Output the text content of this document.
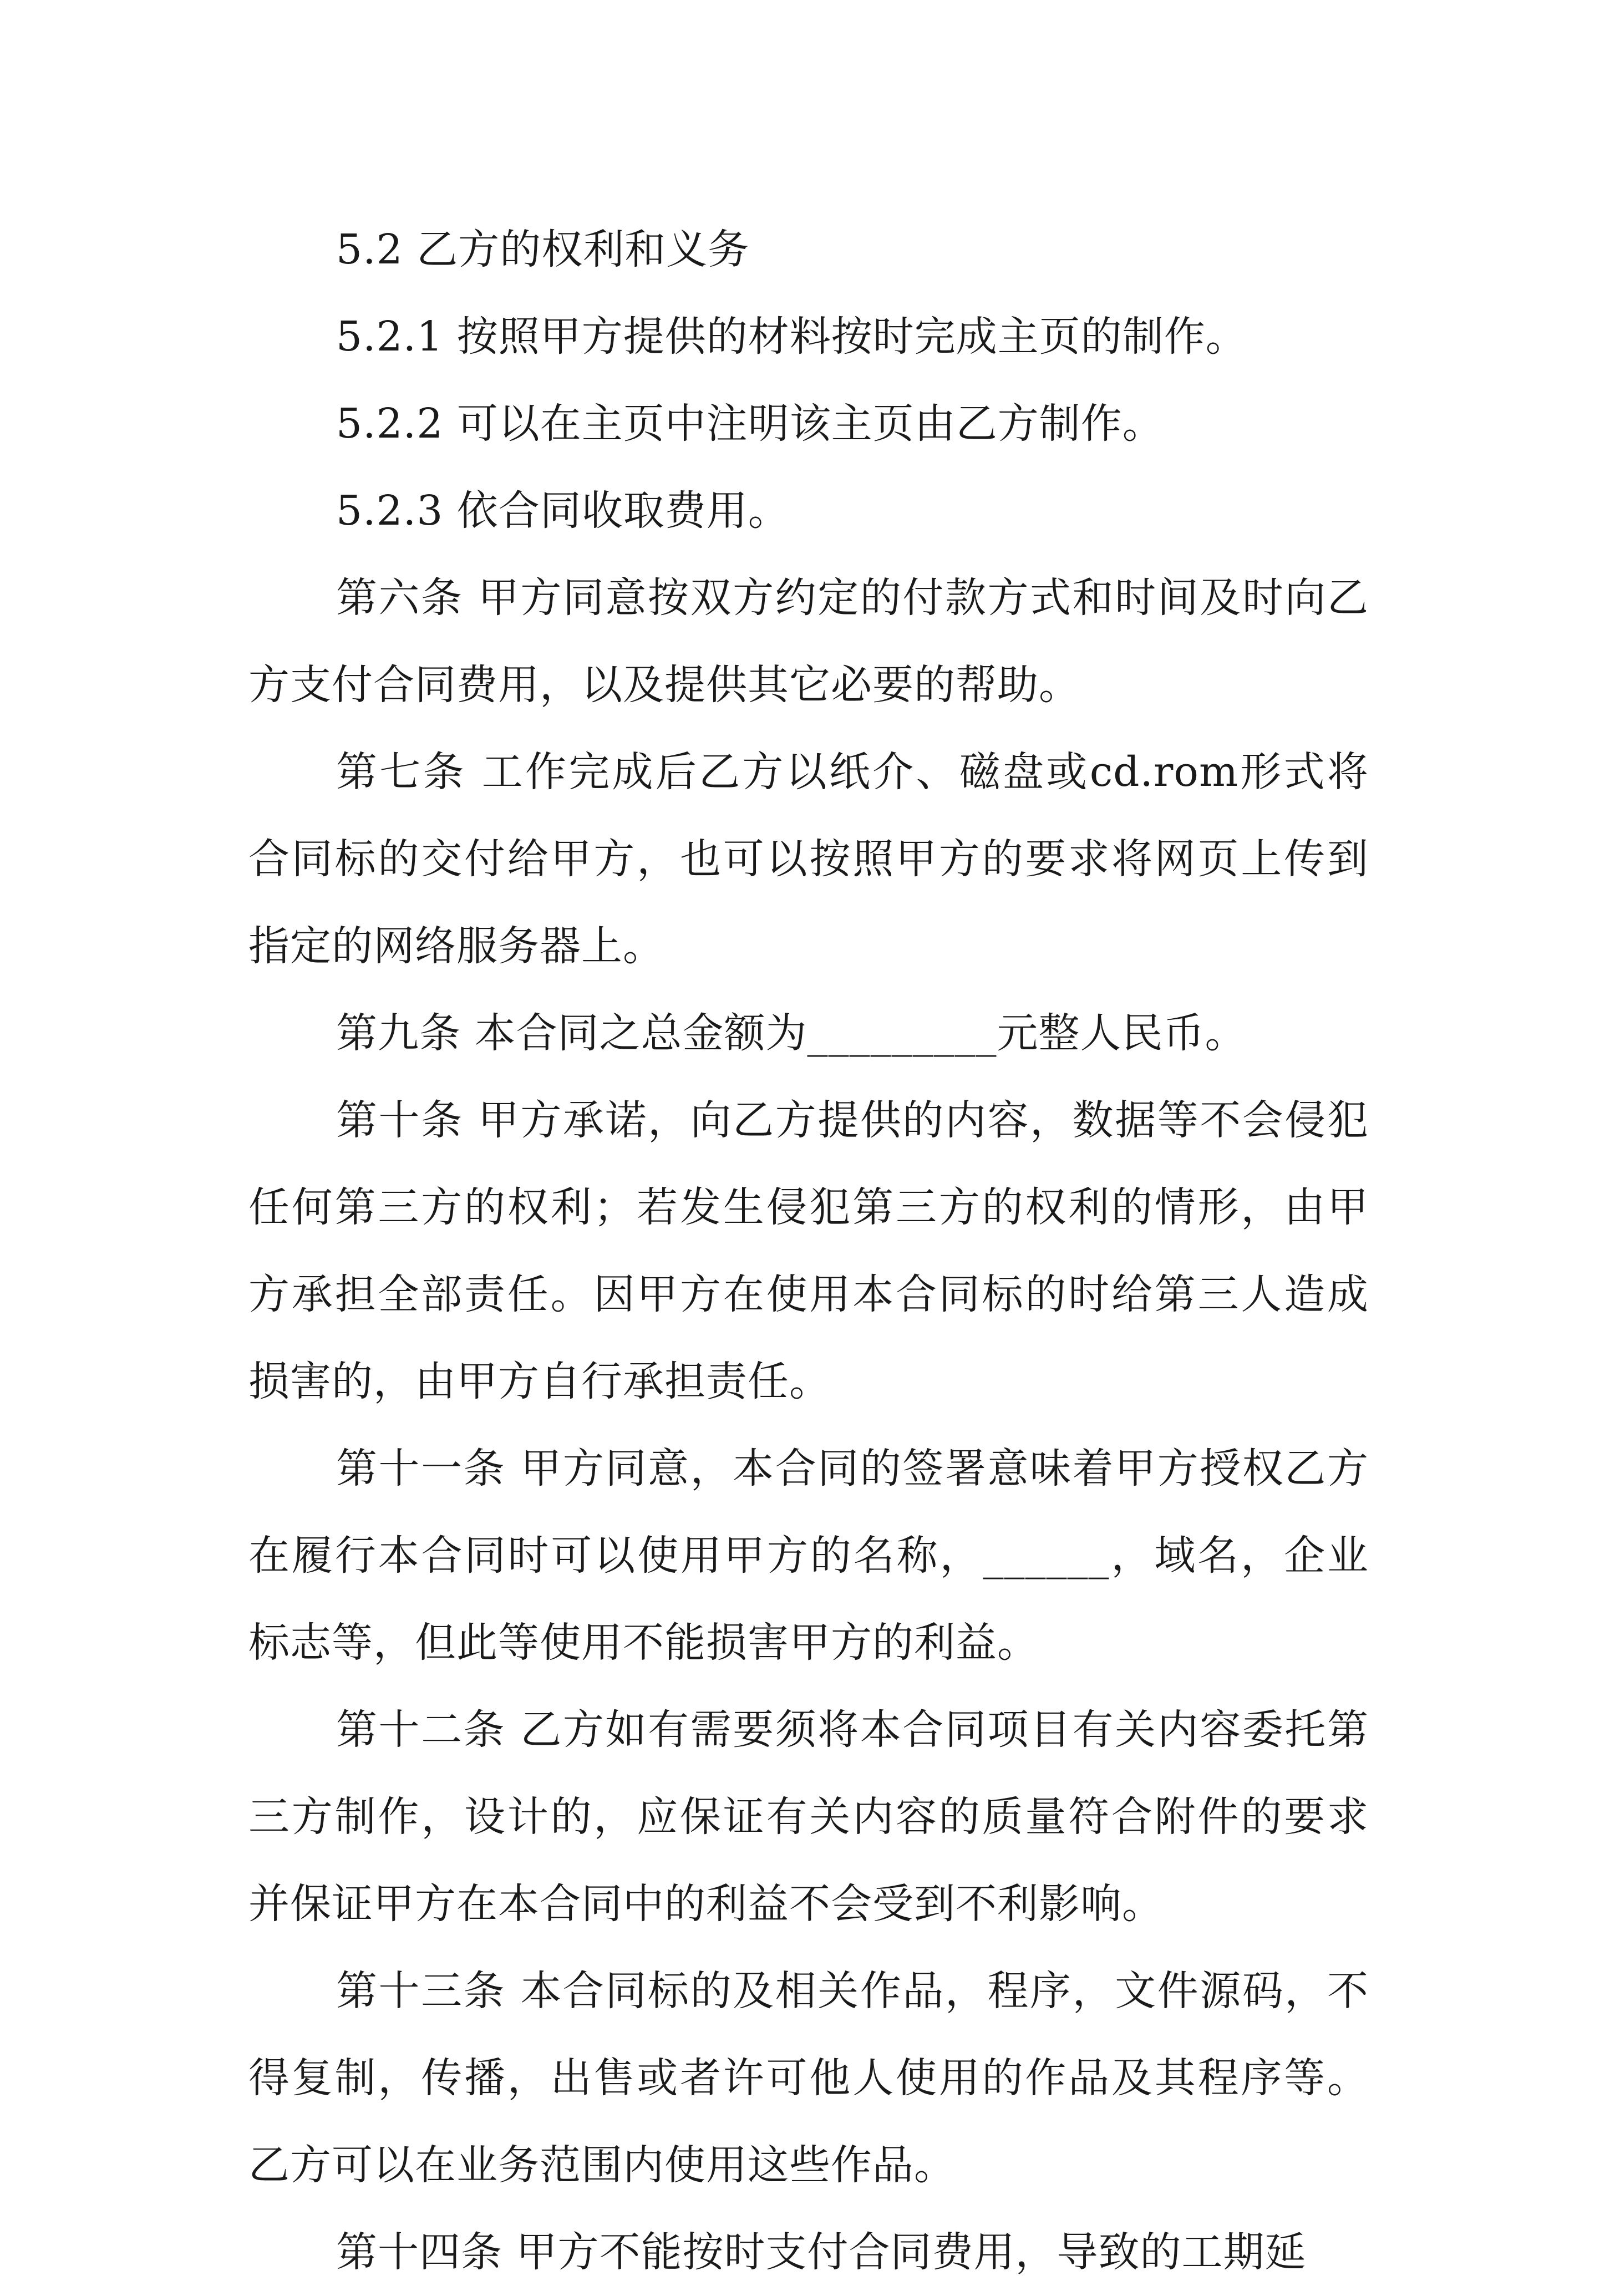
5.2 乙方的权利和义务

5.2.1 按照甲方提供的材料按时完成主页的制作。

5.2.2 可以在主页中注明该主页由乙方制作。

5.2.3 依合同收取费用。

第六条 甲方同意按双方约定的付款方式和时间及时向乙方支付合同费用，以及提供其它必要的帮助。

第七条 工作完成后乙方以纸介、磁盘或cd.rom形式将合同标的交付给甲方，也可以按照甲方的要求将网页上传到指定的网络服务器上。

第九条 本合同之总金额为_________元整人民币。

第十条 甲方承诺，向乙方提供的内容，数据等不会侵犯任何第三方的权利；若发生侵犯第三方的权利的情形，由甲方承担全部责任。因甲方在使用本合同标的时给第三人造成损害的，由甲方自行承担责任。

第十一条 甲方同意，本合同的签署意味着甲方授权乙方在履行本合同时可以使用甲方的名称，______，域名，企业标志等，但此等使用不能损害甲方的利益。

第十二条 乙方如有需要须将本合同项目有关内容委托第三方制作，设计的，应保证有关内容的质量符合附件的要求并保证甲方在本合同中的利益不会受到不利影响。

第十三条 本合同标的及相关作品，程序，文件源码，不得复制，传播，出售或者许可他人使用的作品及其程序等。乙方可以在业务范围内使用这些作品。

第十四条 甲方不能按时支付合同费用，导致的工期延
